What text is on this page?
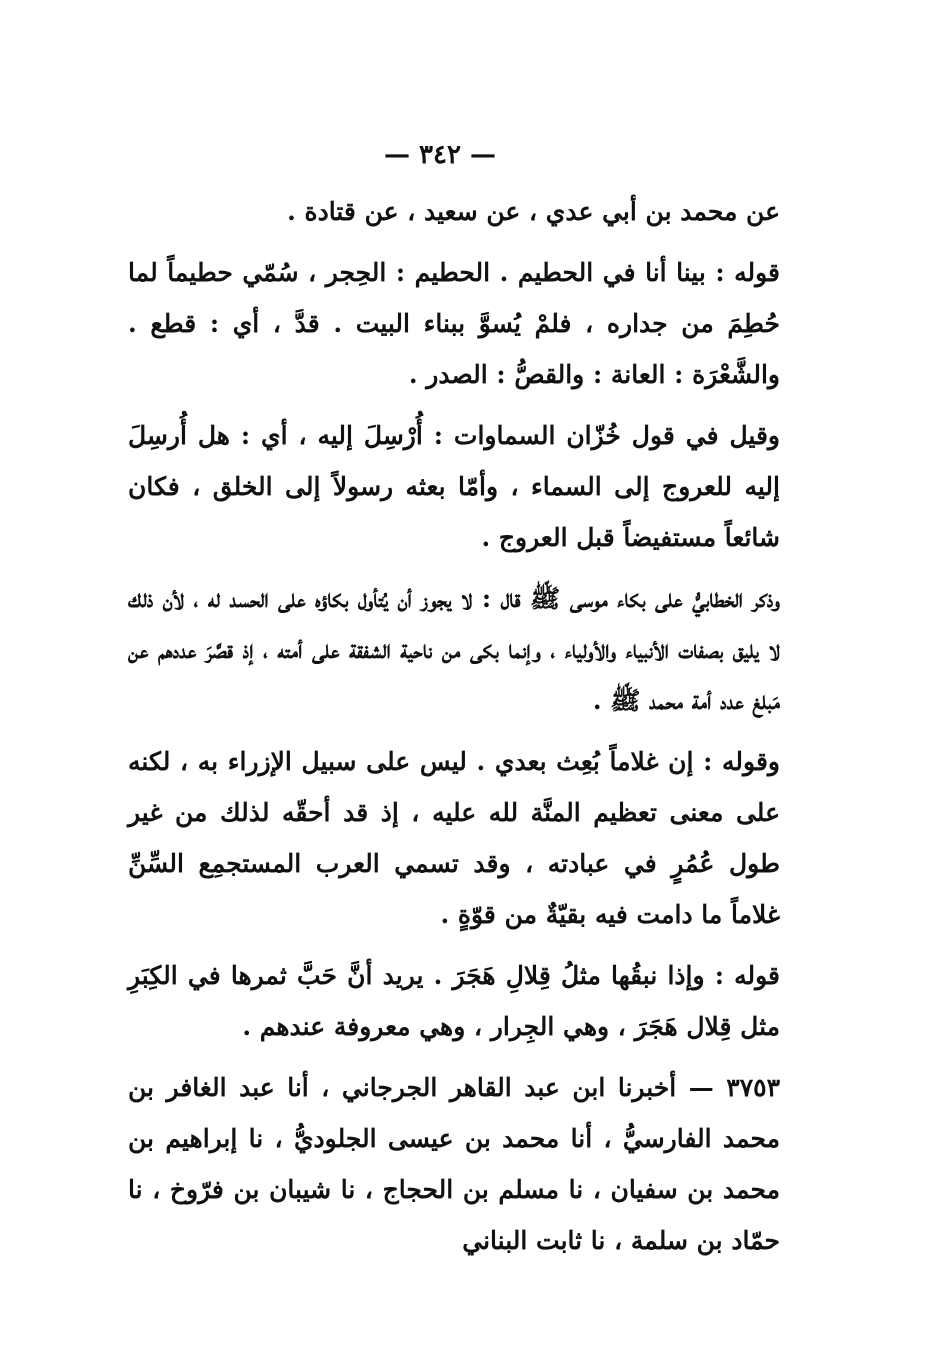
— ٣٤٢ —

عن محمد بن أبي عدي ، عن سعيد ، عن قتادة .

قوله : بينا أنا في الحطيم . الحطيم : الحِجر ، سُمّي حطيماً لما حُطِمَ من جداره ، فلمْ يُسوَّ ببناء البيت . قدَّ ، أي : قطع . والشَّعْرَة : العانة : والقصُّ : الصدر .

وقيل في قول خُزّان السماوات : أُرْسِلَ إليه ، أي : هل أُرسِلَ إليه للعروج إلى السماء ، وأمّا بعثه رسولاً إلى الخلق ، فكان شائعاً مستفيضاً قبل العروج .

وذكر الخطابيُّ على بكاء موسى ﷺ قال : لا يجوز أن يُتأول بكاؤه على الحسد له ، لأن ذلك لا يليق بصفات الأنبياء والأولياء ، وإنما بكى من ناحية الشفقة على أمته ، إذ قصَّرَ عددهم عن مَبلغ عدد أمة محمد ﷺ .

وقوله : إن غلاماً بُعِث بعدي . ليس على سبيل الإزراء به ، لكنه على معنى تعظيم المنَّة لله عليه ، إذ قد أحقّه لذلك من غير طول عُمُرٍ في عبادته ، وقد تسمي العرب المستجمِع السِّنِّ غلاماً ما دامت فيه بقيّةٌ من قوّةٍ .

قوله : وإذا نبقُها مثلُ قِلالِ هَجَرَ . يريد أنَّ حَبَّ ثمرها في الكِبَرِ مثل قِلال هَجَرَ ، وهي الجِرار ، وهي معروفة عندهم .

٣٧٥٣ — أخبرنا ابن عبد القاهر الجرجاني ، أنا عبد الغافر بن محمد الفارسيُّ ، أنا محمد بن عيسى الجلوديُّ ، نا إبراهيم بن محمد بن سفيان ، نا مسلم بن الحجاج ، نا شيبان بن فرّوخ ، نا حمّاد بن سلمة ، نا ثابت البناني
